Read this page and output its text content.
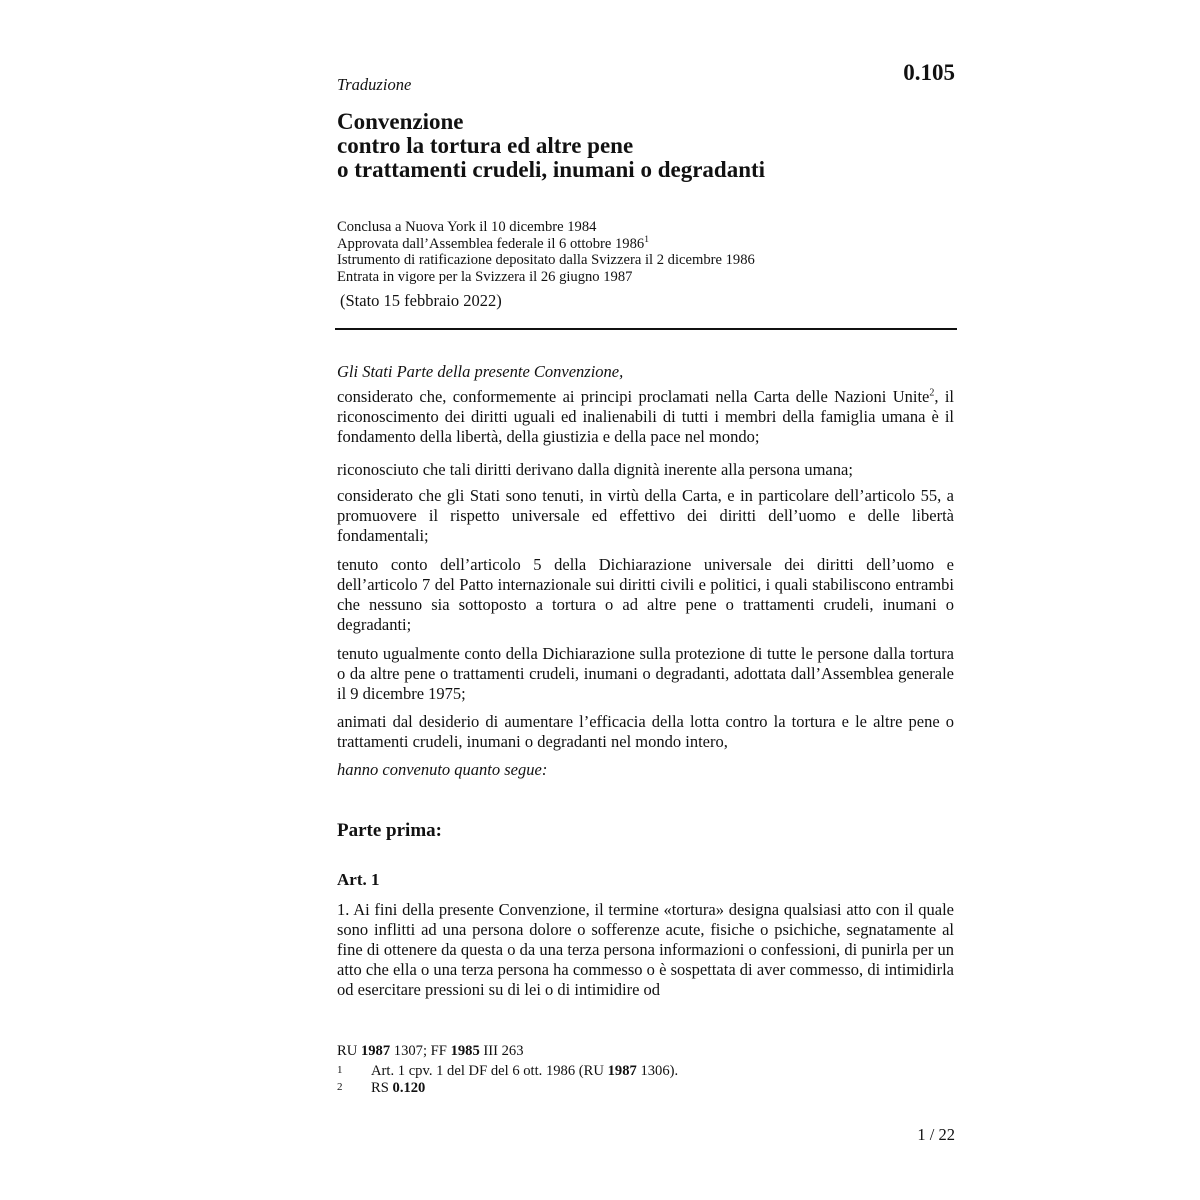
0.105
Traduzione
Convenzione
contro la tortura ed altre pene
o trattamenti crudeli, inumani o degradanti
Conclusa a Nuova York il 10 dicembre 1984
Approvata dall’Assemblea federale il 6 ottobre 1986$^1$
Istrumento di ratificazione depositato dalla Svizzera il 2 dicembre 1986
Entrata in vigore per la Svizzera il 26 giugno 1987
(Stato 15 febbraio 2022)
Gli Stati Parte della presente Convenzione,
considerato che, conformemente ai principi proclamati nella Carta delle Nazioni Unite$^2$, il riconoscimento dei diritti uguali ed inalienabili di tutti i membri della famiglia umana è il fondamento della libertà, della giustizia e della pace nel mondo;
riconosciuto che tali diritti derivano dalla dignità inerente alla persona umana;
considerato che gli Stati sono tenuti, in virtù della Carta, e in particolare dell’articolo 55, a promuovere il rispetto universale ed effettivo dei diritti dell’uomo e delle libertà fondamentali;
tenuto conto dell’articolo 5 della Dichiarazione universale dei diritti dell’uomo e dell’articolo 7 del Patto internazionale sui diritti civili e politici, i quali stabiliscono entrambi che nessuno sia sottoposto a tortura o ad altre pene o trattamenti crudeli, inumani o degradanti;
tenuto ugualmente conto della Dichiarazione sulla protezione di tutte le persone dalla tortura o da altre pene o trattamenti crudeli, inumani o degradanti, adottata dall’Assemblea generale il 9 dicembre 1975;
animati dal desiderio di aumentare l’efficacia della lotta contro la tortura e le altre pene o trattamenti crudeli, inumani o degradanti nel mondo intero,
hanno convenuto quanto segue:
Parte prima:
Art. 1
1. Ai fini della presente Convenzione, il termine «tortura» designa qualsiasi atto con il quale sono inflitti ad una persona dolore o sofferenze acute, fisiche o psichiche, segnatamente al fine di ottenere da questa o da una terza persona informazioni o confessioni, di punirla per un atto che ella o una terza persona ha commesso o è sospettata di aver commesso, di intimidirla od esercitare pressioni su di lei o di intimidire od
RU 1987 1307; FF 1985 III 263
1 Art. 1 cpv. 1 del DF del 6 ott. 1986 (RU 1987 1306).
2 RS 0.120
1 / 22
